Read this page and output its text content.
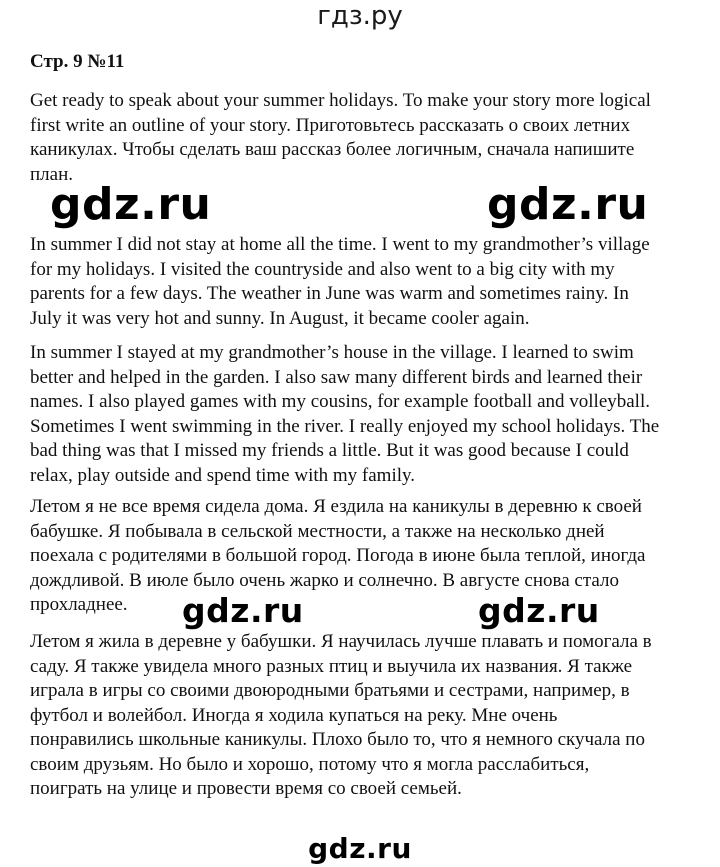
гдз.ру
Стр. 9 №11

Get ready to speak about your summer holidays. To make your story more logical
first write an outline of your story. Приготовьтесь рассказать о своих летних
каникулах. Чтобы сделать ваш рассказ более логичным, сначала напишите
план.

gdz.ru	gdz.ru

In summer I did not stay at home all the time. I went to my grandmother’s village
for my holidays. I visited the countryside and also went to a big city with my
parents for a few days. The weather in June was warm and sometimes rainy. In
July it was very hot and sunny. In August, it became cooler again.

In summer I stayed at my grandmother’s house in the village. I learned to swim
better and helped in the garden. I also saw many different birds and learned their
names. I also played games with my cousins, for example football and volleyball.
Sometimes I went swimming in the river. I really enjoyed my school holidays. The
bad thing was that I missed my friends a little. But it was good because I could
relax, play outside and spend time with my family.

Летом я не все время сидела дома. Я ездила на каникулы в деревню к своей
бабушке. Я побывала в сельской местности, а также на несколько дней
поехала с родителями в большой город. Погода в июне была теплой, иногда
дождливой. В июле было очень жарко и солнечно. В августе снова стало
прохладнее.	gdz.ru	gdz.ru

Летом я жила в деревне у бабушки. Я научилась лучше плавать и помогала в
саду. Я также увидела много разных птиц и выучила их названия. Я также
играла в игры со своими двоюродными братьями и сестрами, например, в
футбол и волейбол. Иногда я ходила купаться на реку. Мне очень
понравились школьные каникулы. Плохо было то, что я немного скучала по
своим друзьям. Но было и хорошо, потому что я могла расслабиться,
поиграть на улице и провести время со своей семьей.

gdz.ru
